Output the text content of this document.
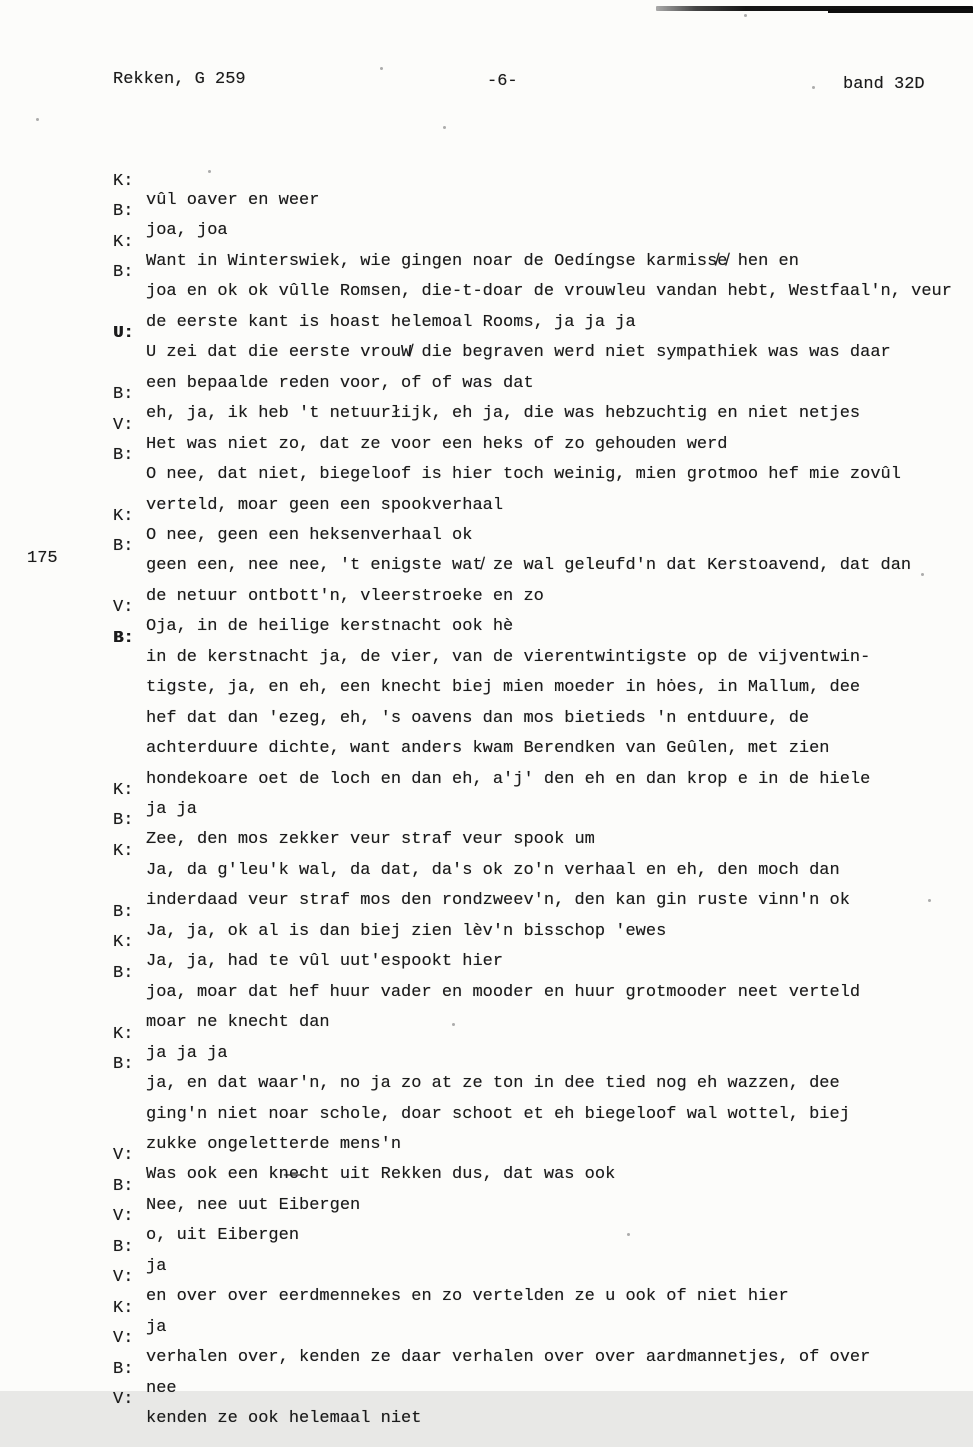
Rekken, G 259	-6-	band 32D

K:

vûl oaver en weer

B:

joa, joa

K:

Want in Winterswiek, wie gingen noar de Oedíngse karmiss̸e̸ hen en

B:

joa en ok ok vûlle Romsen, die-t-doar de vrouwleu vandan hebt, Westfaal'n, veur

de eerste kant is hoast helemoal Rooms, ja ja ja

U:

U zei dat die eerste vrouW̸ die begraven werd niet sympathiek was was daar

een bepaalde reden voor, of of was dat

B:

eh, ja, ik heb 't netuurłijk, eh ja, die was hebzuchtig en niet netjes

V:

Het was niet zo, dat ze voor een heks of zo gehouden werd

B:

O nee, dat niet, biegeloof is hier toch weinig, mien grotmoo hef mie zovûl

verteld, moar geen een spookverhaal

K:

O nee, geen een heksenverhaal ok

B:

geen een, nee nee, 't enigste wat̸ ze wal geleufd'n dat Kerstoavend, dat dan

175

de netuur ontbott'n, vleerstroeke en zo

V:

Oja, in de heilige kerstnacht ook hè

B:

in de kerstnacht ja, de vier, van de vierentwintigste op de vijventwin-

tigste, ja, en eh, een knecht biej mien moeder in hȯes, in Mallum, dee

hef dat dan 'ezeg, eh, 's oavens dan mos bietieds 'n entduure, de

achterduure dichte, want anders kwam Berendken van Geûlen, met zien

hondekoare oet de loch en dan eh, a'j' den eh en dan krop e in de hiele

K:

ja ja

B:

Zee, den mos zekker veur straf veur spook um

K:

Ja, da g'leu'k wal, da dat, da's ok zo'n verhaal en eh, den moch dan

inderdaad veur straf mos den rondzweev'n, den kan gin ruste vinn'n ok

B:

Ja, ja, ok al is dan biej zien lèv'n bisschop 'ewes

K:

Ja, ja, had te vûl uut'espookt hier

B:

joa, moar dat hef huur vader en mooder en huur grotmooder neet verteld

moar ne knecht dan

K:

ja ja ja

B:

ja, en dat waar'n, no ja zo at ze ton in dee tied nog eh wazzen, dee

ging'n niet noar schole, doar schoot et eh biegeloof wal wottel, biej

zukke ongeletterde mens'n

V:

Was ook een kn̶e̶cht uit Rekken dus, dat was ook

B:

Nee, nee uut Eibergen

V:

o, uit Eibergen

B:

ja

V:

en over over eerdmennekes en zo vertelden ze u ook of niet hier

K:

ja

V:

verhalen over, kenden ze daar verhalen over over aardmannetjes, of over

B:

nee

V:

kenden ze ook helemaal niet
